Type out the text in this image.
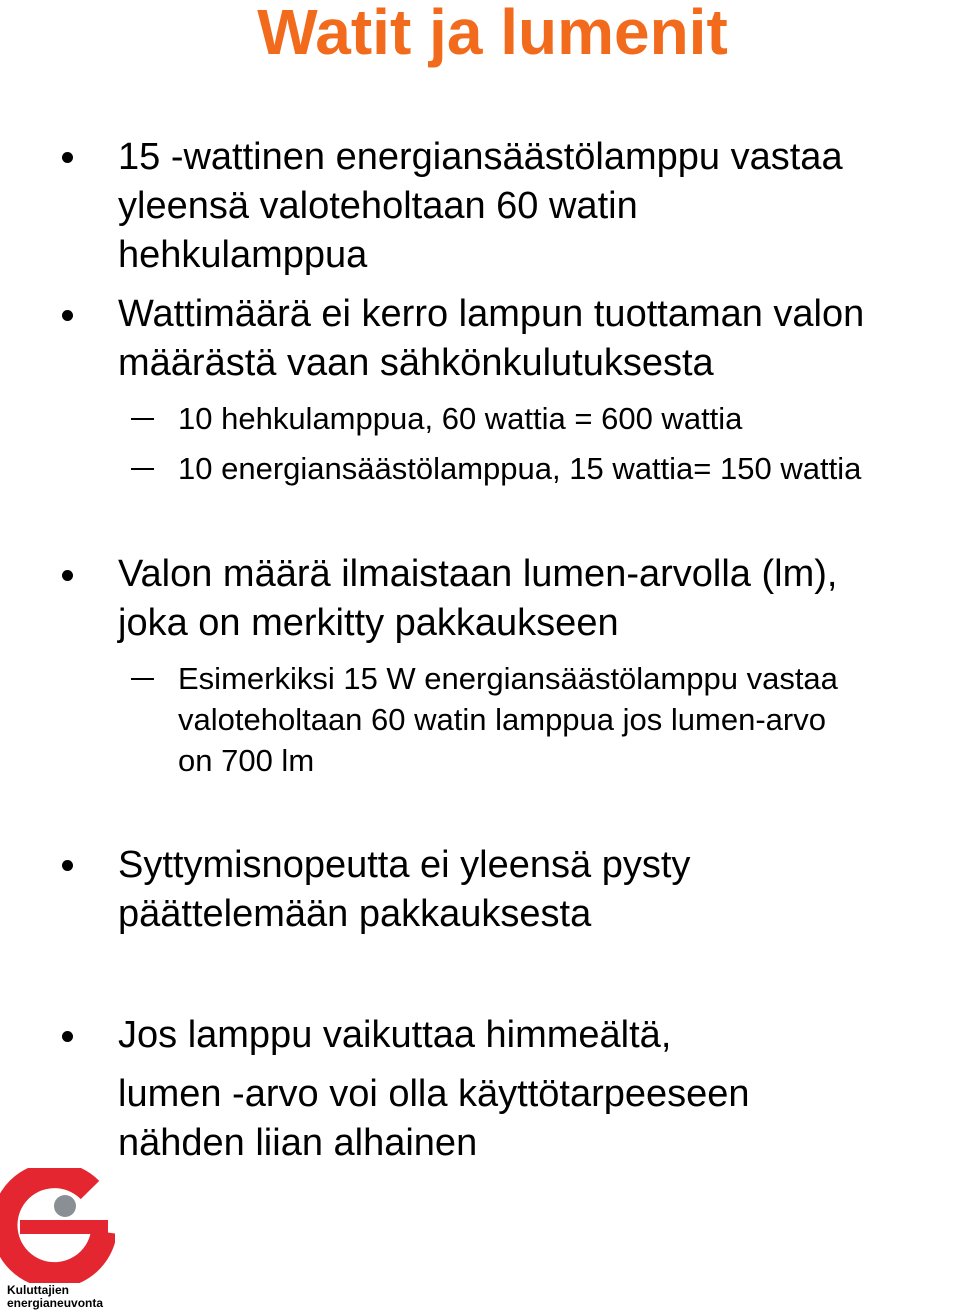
Watit ja lumenit
15 -wattinen energiansäästölamppu vastaa
yleensä valoteholtaan 60 watin
hehkulamppua
Wattimäärä ei kerro lampun tuottaman valon
määrästä vaan sähkönkulutuksesta
10 hehkulamppua, 60 wattia = 600 wattia
10 energiansäästölamppua, 15 wattia= 150 wattia
Valon määrä ilmaistaan lumen-arvolla (lm),
joka on merkitty pakkaukseen
Esimerkiksi 15 W energiansäästölamppu vastaa
valoteholtaan 60 watin lamppua jos lumen-arvo
on 700 lm
Syttymisnopeutta ei yleensä pysty
päättelemään pakkauksesta
Jos lamppu vaikuttaa himmeältä,
lumen -arvo voi olla käyttötarpeeseen
nähden liian alhainen
Kuluttajien
energianeuvonta
